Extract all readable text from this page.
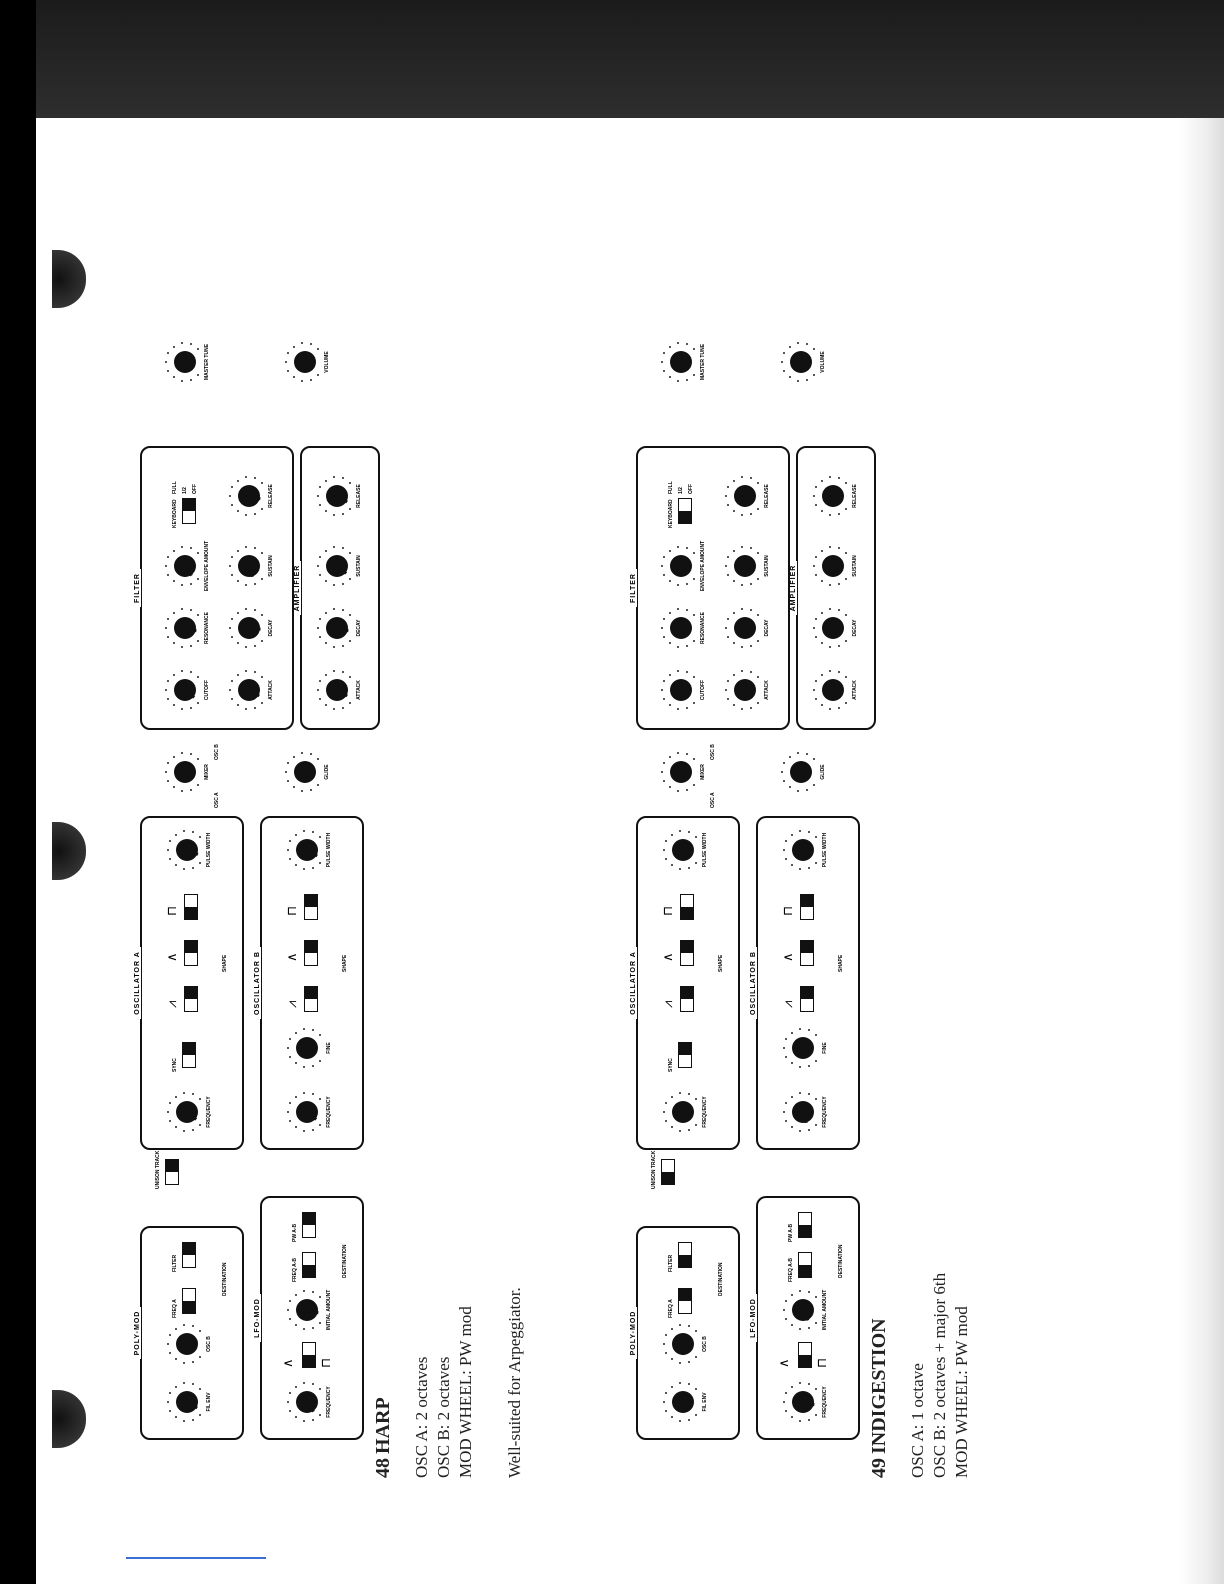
POLY-MOD
FIL ENV
OSC B
FREQ A
FILTER	DESTINATION
LFO-MOD
FREQUENCY
∧ ⊓
INITIAL AMOUNT
FREQ A-B
PW A-B
DESTINATION
UNISON TRACK
OSCILLATOR A
FREQUENCY
SYNC
⩘
∧
⊓
SHAPE
PULSE WIDTH
OSCILLATOR B
FREQUENCY
FINE
⩘
∧
⊓
SHAPE
PULSE WIDTH
MIXER
OSC A
OSC B
GLIDE
FILTER
CUTOFF
RESONANCE
ENVELOPE AMOUNT
KEYBOARD
FULL 1/2 OFF
ATTACK
DECAY
SUSTAIN
RELEASE
AMPLIFIER
ATTACK
DECAY
SUSTAIN
RELEASE
MASTER TUNE	VOLUME
48 HARP OSC A: 2 octaves OSC B: 2 octaves MOD WHEEL: PW mod Well-suited for Arpeggiator.	POLY-MOD
FIL ENV
OSC B
FREQ A
FILTER	DESTINATION
LFO-MOD
FREQUENCY
∧ ⊓
INITIAL AMOUNT
FREQ A-B
PW A-B
DESTINATION
UNISON TRACK
OSCILLATOR A
FREQUENCY
SYNC
⩘
∧
⊓
SHAPE
PULSE WIDTH
OSCILLATOR B
FREQUENCY
FINE
⩘
∧
⊓
SHAPE
PULSE WIDTH
MIXER
OSC A
OSC B
GLIDE
FILTER
CUTOFF
RESONANCE
ENVELOPE AMOUNT
KEYBOARD
FULL 1/2 OFF
ATTACK
DECAY
SUSTAIN
RELEASE
AMPLIFIER
ATTACK
DECAY
SUSTAIN
RELEASE
MASTER TUNE	VOLUME
49 INDIGESTION OSC A: 1 octave OSC B: 2 octaves + major 6th MOD WHEEL: PW mod
